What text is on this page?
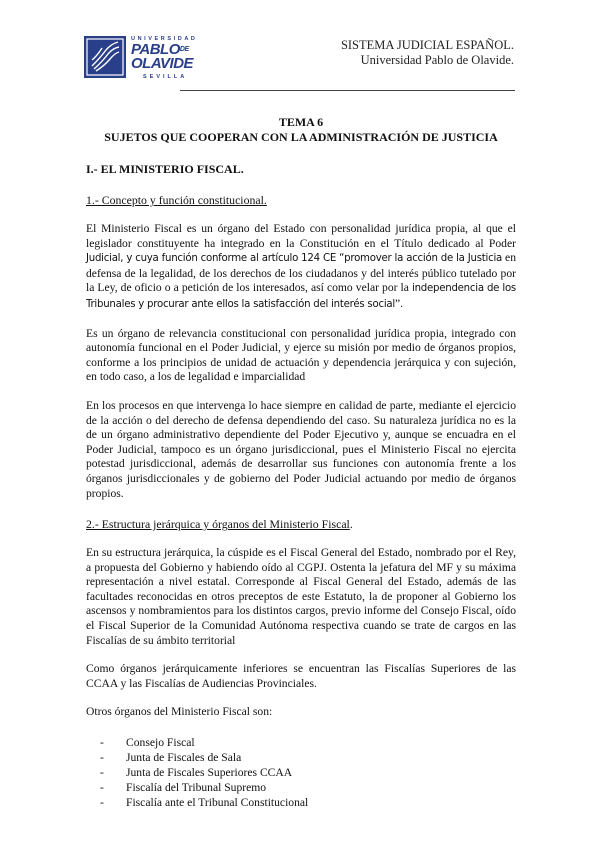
UNIVERSIDAD
$PABLO^{DE}$
OLAVIDE
SEVILLA
SISTEMA JUDICIAL ESPAÑOL.
Universidad Pablo de Olavide.

TEMA 6

SUJETOS QUE COOPERAN CON LA ADMINISTRACIÓN DE JUSTICIA

I.- EL MINISTERIO FISCAL.
1.- Concepto y función constitucional.

El Ministerio Fiscal es un órgano del Estado con personalidad jurídica propia, al que el legislador constituyente ha integrado en la Constitución en el Título dedicado al Poder Judicial, y cuya función conforme al artículo 124 CE “promover la acción de la Justicia en defensa de la legalidad, de los derechos de los ciudadanos y del interés público tutelado por la Ley, de oficio o a petición de los interesados, así como velar por la independencia de los Tribunales y procurar ante ellos la satisfacción del interés social”.

Es un órgano de relevancia constitucional con personalidad jurídica propia, integrado con autonomía funcional en el Poder Judicial, y ejerce su misión por medio de órganos propios, conforme a los principios de unidad de actuación y dependencia jerárquica y con sujeción, en todo caso, a los de legalidad e imparcialidad

En los procesos en que intervenga lo hace siempre en calidad de parte, mediante el ejercicio de la acción o del derecho de defensa dependiendo del caso. Su naturaleza jurídica no es la de un órgano administrativo dependiente del Poder Ejecutivo y, aunque se encuadra en el Poder Judicial, tampoco es un órgano jurisdiccional, pues el Ministerio Fiscal no ejercita potestad jurisdiccional, además de desarrollar sus funciones con autonomía frente a los órganos jurisdiccionales y de gobierno del Poder Judicial actuando por medio de órganos propios.

2.- Estructura jerárquica y órganos del Ministerio Fiscal.

En su estructura jerárquica, la cúspide es el Fiscal General del Estado, nombrado por el Rey, a propuesta del Gobierno y habiendo oído al CGPJ. Ostenta la jefatura del MF y su máxima representación a nivel estatal. Corresponde al Fiscal General del Estado, además de las facultades reconocidas en otros preceptos de este Estatuto, la de proponer al Gobierno los ascensos y nombramientos para los distintos cargos, previo informe del Consejo Fiscal, oído el Fiscal Superior de la Comunidad Autónoma respectiva cuando se trate de cargos en las Fiscalías de su ámbito territorial

Como órganos jerárquicamente inferiores se encuentran las Fiscalías Superiores de las CCAA y las Fiscalías de Audiencias Provinciales.

Otros órganos del Ministerio Fiscal son:

- Consejo Fiscal
- Junta de Fiscales de Sala
- Junta de Fiscales Superiores CCAA
- Fiscalía del Tribunal Supremo
- Fiscalía ante el Tribunal Constitucional
